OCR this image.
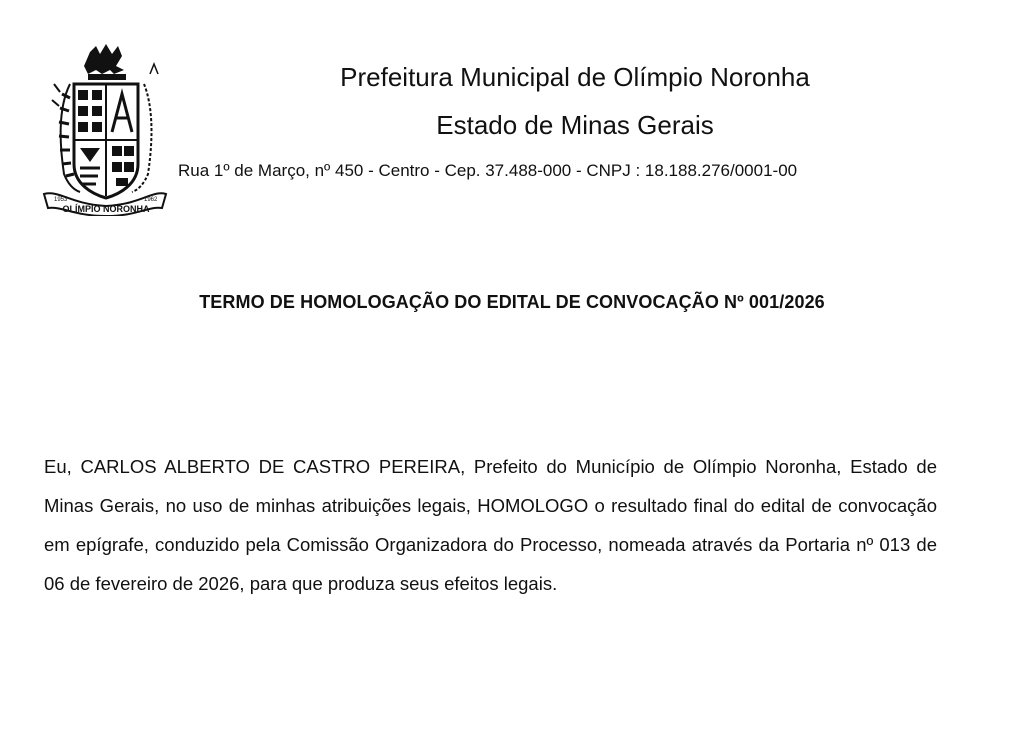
OLÍMPIO NORONHA
1953	1962
Prefeitura Municipal de Olímpio Noronha
Estado de Minas Gerais
Rua 1º de Março, nº 450 - Centro - Cep. 37.488-000 - CNPJ : 18.188.276/0001-00
TERMO DE HOMOLOGAÇÃO DO EDITAL DE CONVOCAÇÃO Nº 001/2026

Eu, CARLOS ALBERTO DE CASTRO PEREIRA, Prefeito do Município de Olímpio Noronha, Estado de Minas Gerais, no uso de minhas atribuições legais, HOMOLOGO o resultado final do edital de convocação em epígrafe, conduzido pela Comissão Organizadora do Processo, nomeada através da Portaria nº 013 de 06 de fevereiro de 2026, para que produza seus efeitos legais.
